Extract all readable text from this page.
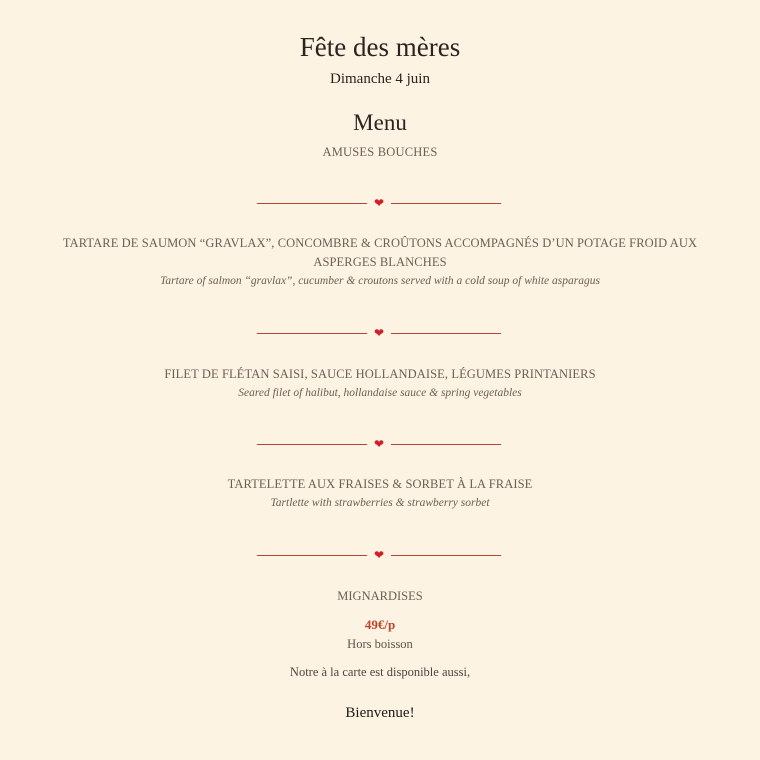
Fête des mères
Dimanche 4 juin
Menu
AMUSES BOUCHES
❤
TARTARE DE SAUMON “GRAVLAX”, CONCOMBRE & CROÛTONS ACCOMPAGNÉS D’UN POTAGE FROID AUX ASPERGES BLANCHES
Tartare of salmon “gravlax”, cucumber & croutons served with a cold soup of white asparagus
❤
FILET DE FLÉTAN SAISI, SAUCE HOLLANDAISE, LÉGUMES PRINTANIERS
Seared filet of halibut, hollandaise sauce & spring vegetables
❤
TARTELETTE AUX FRAISES & SORBET À LA FRAISE
Tartlette with strawberries & strawberry sorbet
❤
MIGNARDISES
49€/p
Hors boisson
Notre à la carte est disponible aussi,
Bienvenue!
